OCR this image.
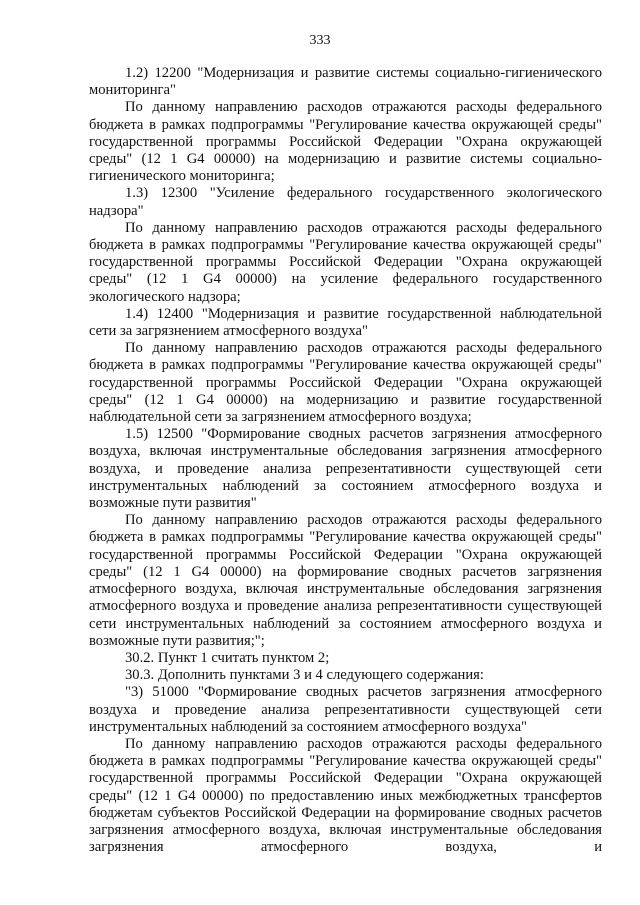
333

1.2) 12200 "Модернизация и развитие системы социально-гигиенического мониторинга"

По данному направлению расходов отражаются расходы федерального бюджета в рамках подпрограммы "Регулирование качества окружающей среды" государственной программы Российской Федерации "Охрана окружающей среды" (12 1 G4 00000) на модернизацию и развитие системы социально-гигиенического мониторинга;

1.3) 12300 "Усиление федерального государственного экологического надзора"

По данному направлению расходов отражаются расходы федерального бюджета в рамках подпрограммы "Регулирование качества окружающей среды" государственной программы Российской Федерации "Охрана окружающей среды" (12 1 G4 00000) на усиление федерального государственного экологического надзора;

1.4) 12400 "Модернизация и развитие государственной наблюдательной сети за загрязнением атмосферного воздуха"

По данному направлению расходов отражаются расходы федерального бюджета в рамках подпрограммы "Регулирование качества окружающей среды" государственной программы Российской Федерации "Охрана окружающей среды" (12 1 G4 00000) на модернизацию и развитие государственной наблюдательной сети за загрязнением атмосферного воздуха;

1.5) 12500 "Формирование сводных расчетов загрязнения атмосферного воздуха, включая инструментальные обследования загрязнения атмосферного воздуха, и проведение анализа репрезентативности существующей сети инструментальных наблюдений за состоянием атмосферного воздуха и возможные пути развития"

По данному направлению расходов отражаются расходы федерального бюджета в рамках подпрограммы "Регулирование качества окружающей среды" государственной программы Российской Федерации "Охрана окружающей среды" (12 1 G4 00000) на формирование сводных расчетов загрязнения атмосферного воздуха, включая инструментальные обследования загрязнения атмосферного воздуха и проведение анализа репрезентативности существующей сети инструментальных наблюдений за состоянием атмосферного воздуха и возможные пути развития;";

30.2. Пункт 1 считать пунктом 2;

30.3. Дополнить пунктами 3 и 4 следующего содержания:

"3) 51000 "Формирование сводных расчетов загрязнения атмосферного воздуха и проведение анализа репрезентативности существующей сети инструментальных наблюдений за состоянием атмосферного воздуха"

По данному направлению расходов отражаются расходы федерального бюджета в рамках подпрограммы "Регулирование качества окружающей среды" государственной программы Российской Федерации "Охрана окружающей среды" (12 1 G4 00000) по предоставлению иных межбюджетных трансфертов бюджетам субъектов Российской Федерации на формирование сводных расчетов загрязнения атмосферного воздуха, включая инструментальные обследования загрязнения атмосферного воздуха, и
